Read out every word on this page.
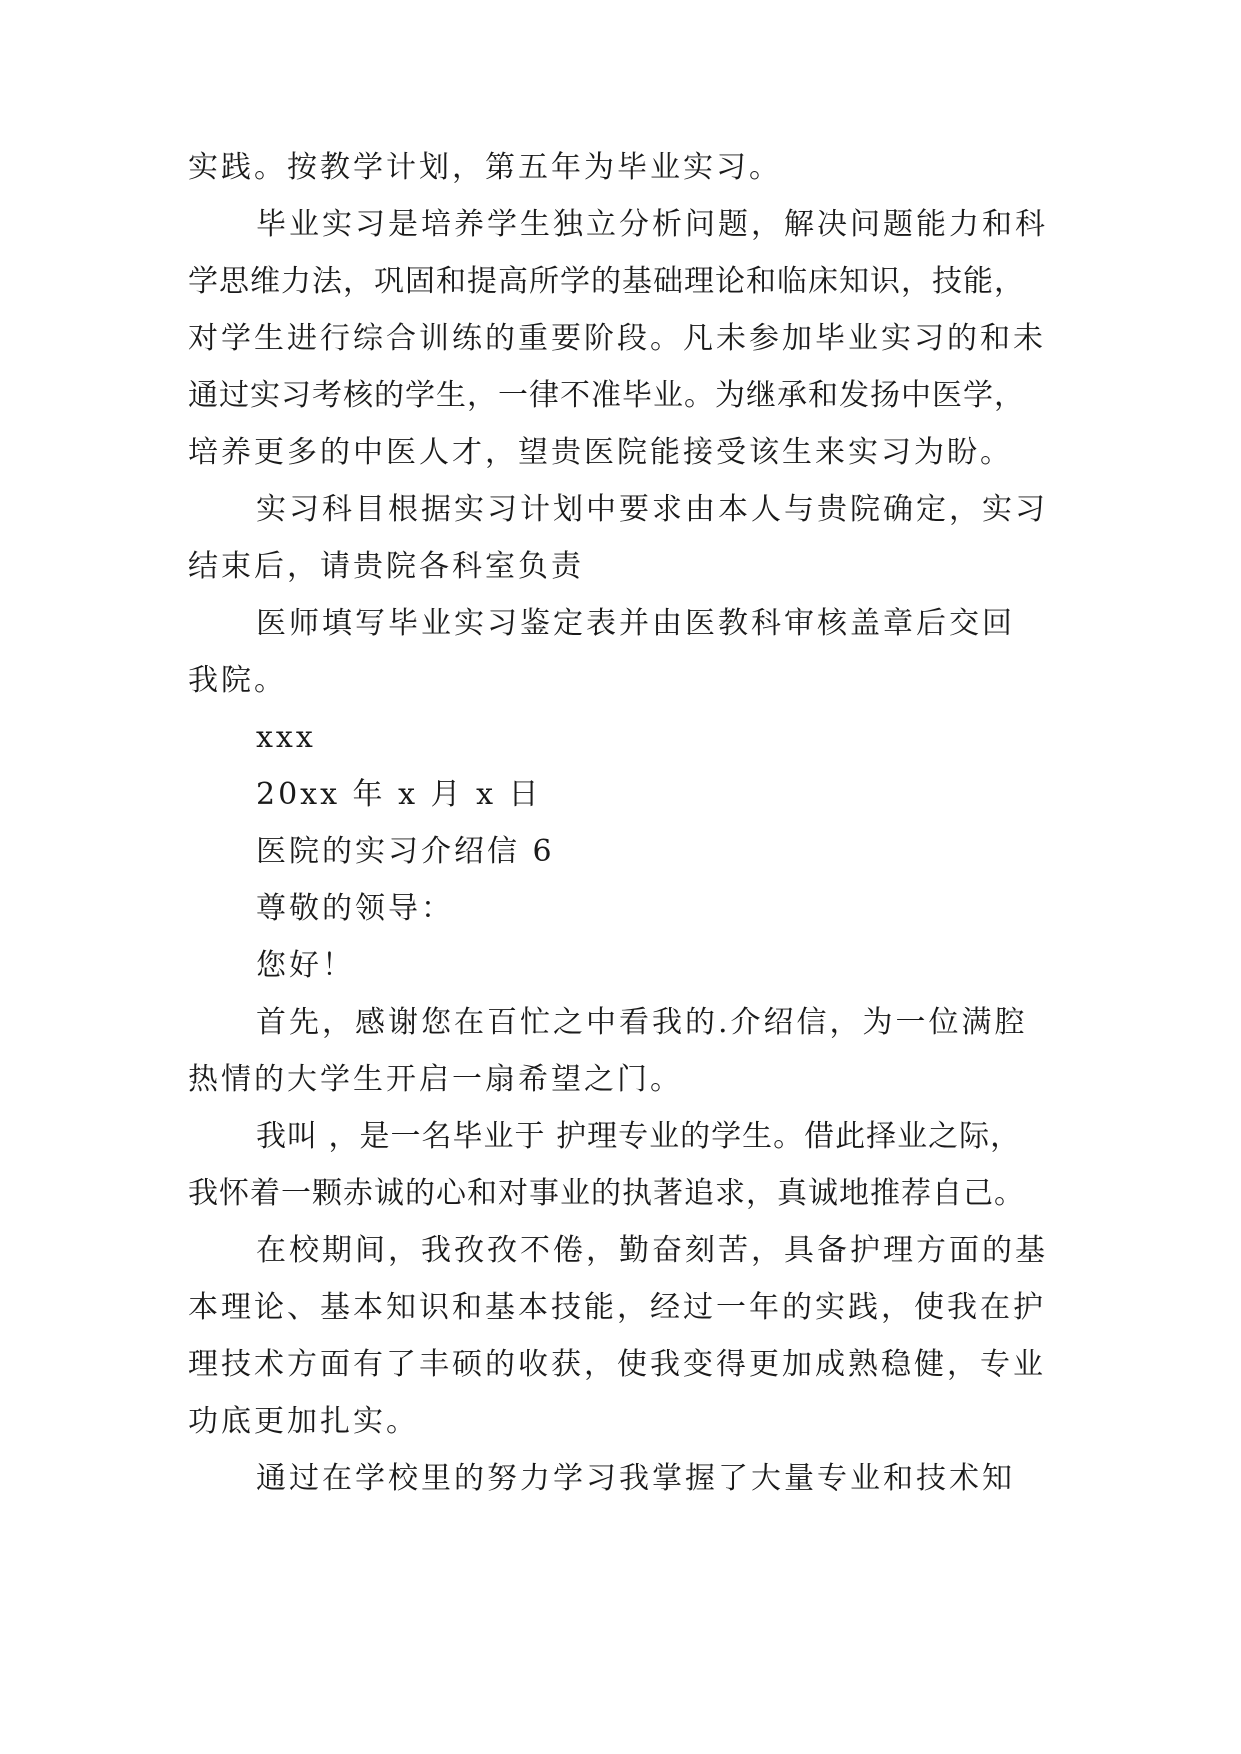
实践。按教学计划，第五年为毕业实习。
毕业实习是培养学生独立分析问题，解决问题能力和科
学思维力法，巩固和提高所学的基础理论和临床知识，技能，
对学生进行综合训练的重要阶段。凡未参加毕业实习的和未
通过实习考核的学生，一律不准毕业。为继承和发扬中医学，
培养更多的中医人才，望贵医院能接受该生来实习为盼。
实习科目根据实习计划中要求由本人与贵院确定，实习
结束后，请贵院各科室负责
医师填写毕业实习鉴定表并由医教科审核盖章后交回
我院。
xxx
20xx 年 x 月 x 日
医院的实习介绍信 6
尊敬的领导：
您好！
首先，感谢您在百忙之中看我的.介绍信，为一位满腔
热情的大学生开启一扇希望之门。
我叫 ，是一名毕业于 护理专业的学生。借此择业之际，
我怀着一颗赤诚的心和对事业的执著追求，真诚地推荐自己。
在校期间，我孜孜不倦，勤奋刻苦，具备护理方面的基
本理论、基本知识和基本技能，经过一年的实践，使我在护
理技术方面有了丰硕的收获，使我变得更加成熟稳健，专业
功底更加扎实。
通过在学校里的努力学习我掌握了大量专业和技术知
